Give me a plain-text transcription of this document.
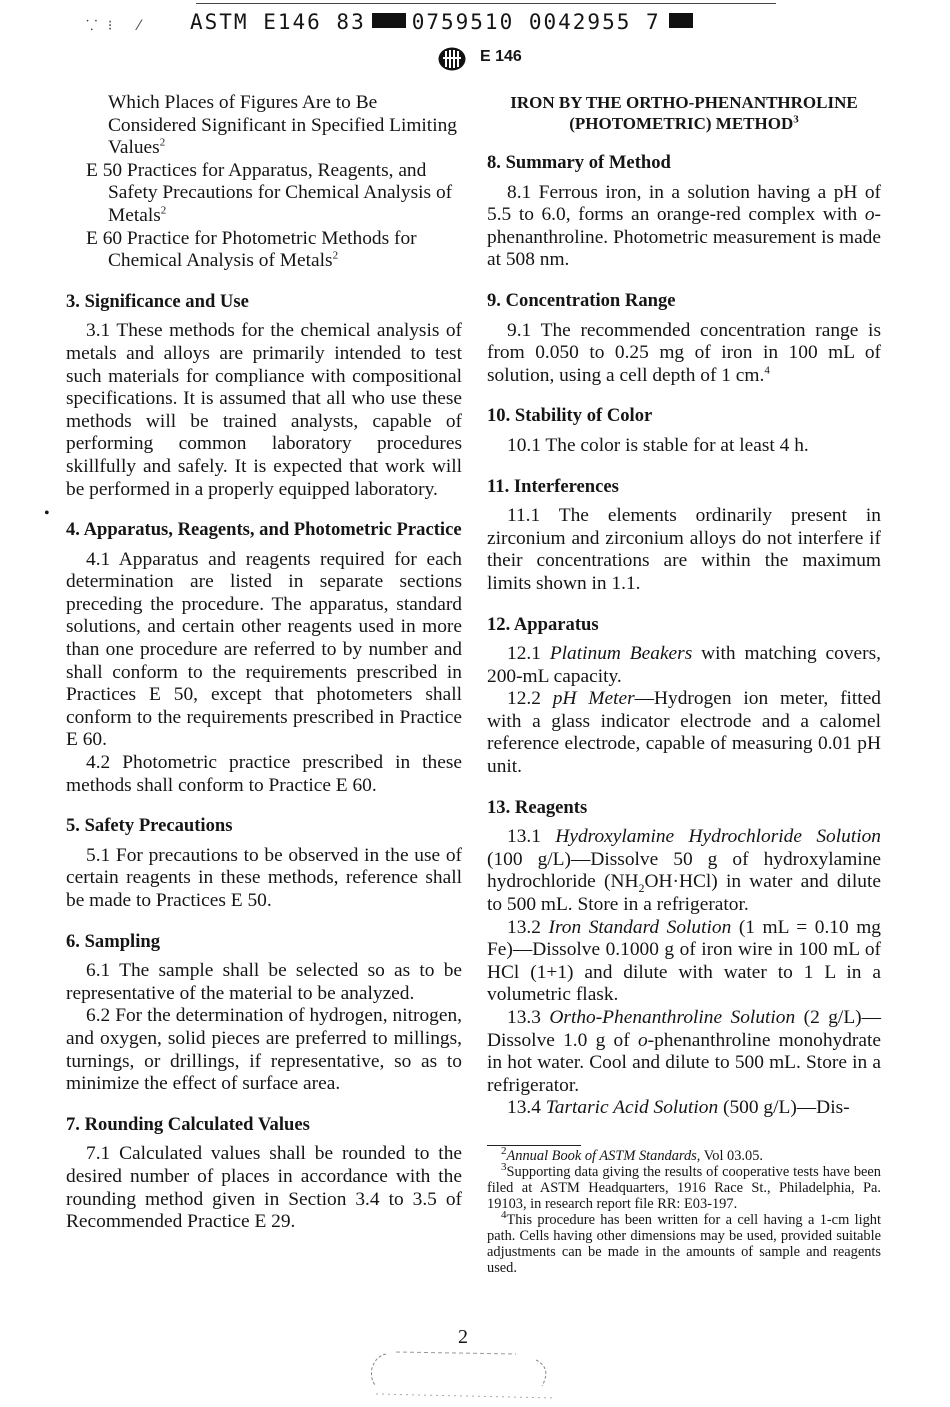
⸪ ⁝   ⁄ ASTM E146 83 0759510 0042955 7
E 146
•

Which Places of Figures Are to Be Considered Significant in Specified Limiting Values$^2$

E 50 Practices for Apparatus, Reagents, and Safety Precautions for Chemical Analysis of Metals$^2$

E 60 Practice for Photometric Methods for Chemical Analysis of Metals$^2$

3. Significance and Use

3.1 These methods for the chemical analysis of metals and alloys are primarily intended to test such materials for compliance with compositional specifications. It is assumed that all who use these methods will be trained analysts, capable of performing common laboratory procedures skillfully and safely. It is expected that work will be performed in a properly equipped laboratory.

4. Apparatus, Reagents, and Photometric Practice

4.1 Apparatus and reagents required for each determination are listed in separate sections preceding the procedure. The apparatus, standard solutions, and certain other reagents used in more than one procedure are referred to by number and shall conform to the requirements prescribed in Practices E 50, except that photometers shall conform to the requirements prescribed in Practice E 60.

4.2 Photometric practice prescribed in these methods shall conform to Practice E 60.

5. Safety Precautions

5.1 For precautions to be observed in the use of certain reagents in these methods, reference shall be made to Practices E 50.

6. Sampling

6.1 The sample shall be selected so as to be representative of the material to be analyzed.

6.2 For the determination of hydrogen, nitrogen, and oxygen, solid pieces are preferred to millings, turnings, or drillings, if representative, so as to minimize the effect of surface area.

7. Rounding Calculated Values

7.1 Calculated values shall be rounded to the desired number of places in accordance with the rounding method given in Section 3.4 to 3.5 of Recommended Practice E 29.

IRON BY THE ORTHO-PHENANTHROLINE (PHOTOMETRIC) METHOD$^3$

8. Summary of Method

8.1 Ferrous iron, in a solution having a pH of 5.5 to 6.0, forms an orange-red complex with o-phenanthroline. Photometric measurement is made at 508 nm.

9. Concentration Range

9.1 The recommended concentration range is from 0.050 to 0.25 mg of iron in 100 mL of solution, using a cell depth of 1 cm.$^4$

10. Stability of Color

10.1 The color is stable for at least 4 h.

11. Interferences

11.1 The elements ordinarily present in zirconium and zirconium alloys do not interfere if their concentrations are within the maximum limits shown in 1.1.

12. Apparatus

12.1 Platinum Beakers with matching covers, 200-mL capacity.

12.2 pH Meter—Hydrogen ion meter, fitted with a glass indicator electrode and a calomel reference electrode, capable of measuring 0.01 pH unit.

13. Reagents

13.1 Hydroxylamine Hydrochloride Solution (100 g/L)—Dissolve 50 g of hydroxylamine hydrochloride $(NH_2OH\cdot HCl)$ in water and dilute to 500 mL. Store in a refrigerator.

13.2 Iron Standard Solution (1 mL = 0.10 mg Fe)—Dissolve 0.1000 g of iron wire in 100 mL of HCl (1+1) and dilute with water to 1 L in a volumetric flask.

13.3 Ortho-Phenanthroline Solution (2 g/L)—Dissolve 1.0 g of o-phenanthroline monohydrate in hot water. Cool and dilute to 500 mL. Store in a refrigerator.

13.4 Tartaric Acid Solution (500 g/L)—Dis-

$^2$Annual Book of ASTM Standards, Vol 03.05.

$^3$Supporting data giving the results of cooperative tests have been filed at ASTM Headquarters, 1916 Race St., Philadelphia, Pa. 19103, in research report file RR: E03-197.

$^4$This procedure has been written for a cell having a 1-cm light path. Cells having other dimensions may be used, provided suitable adjustments can be made in the amounts of sample and reagents used.

2
